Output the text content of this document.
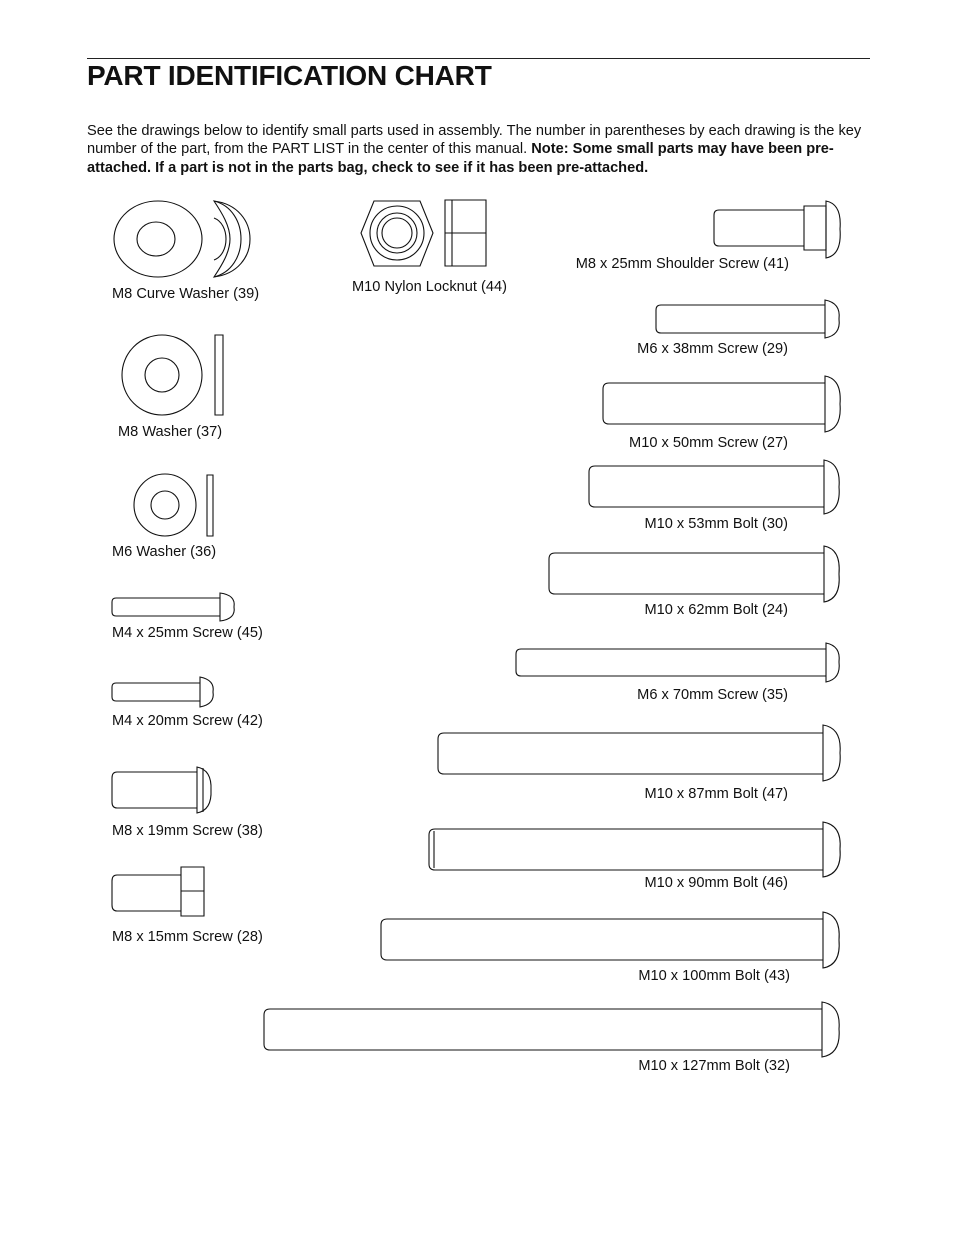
PART IDENTIFICATION CHART

See the drawings below to identify small parts used in assembly. The number in parentheses by each drawing is the key number of the part, from the PART LIST in the center of this manual. Note: Some small parts may have been pre-attached. If a part is not in the parts bag, check to see if it has been pre-attached.

M8 Curve Washer (39)
M8 Washer (37)
M6 Washer (36)
M4 x 25mm Screw (45)
M4 x 20mm Screw (42)
M8 x 19mm Screw (38)
M8 x 15mm Screw (28)
M10 Nylon Locknut (44)
M8 x 25mm Shoulder Screw (41)
M6 x 38mm Screw (29)
M10 x 50mm Screw (27)
M10 x 53mm Bolt (30)
M10 x 62mm Bolt (24)
M6 x 70mm Screw (35)
M10 x 87mm Bolt (47)
M10 x 90mm Bolt (46)
M10 x 100mm Bolt (43)
M10 x 127mm Bolt (32)
